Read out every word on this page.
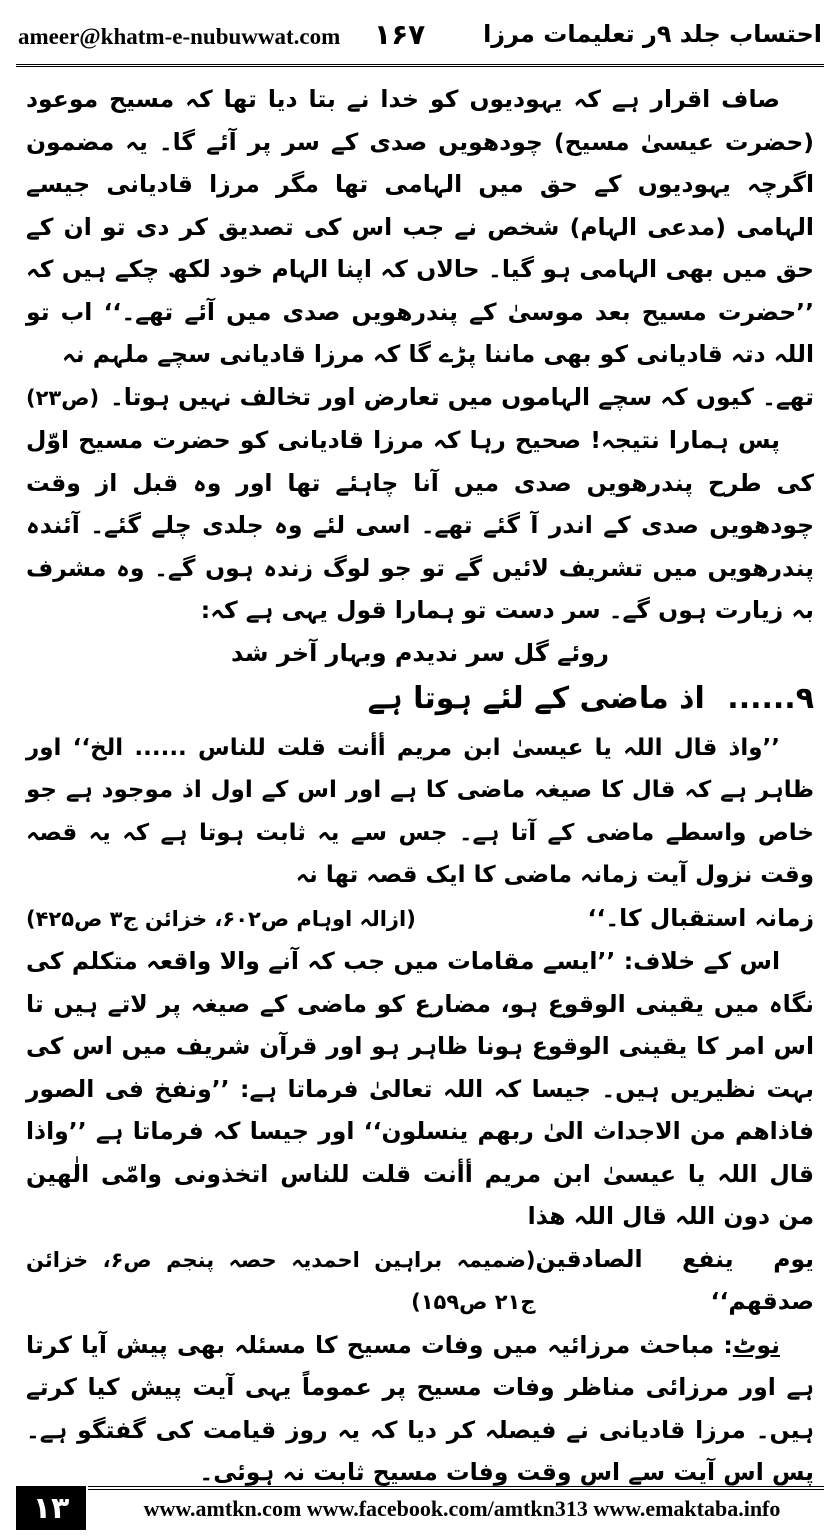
ameer@khatm-e-nubuwwat.com ۱۶۷ احتساب جلد ۹ر تعلیمات مرزا

صاف اقرار ہے کہ یہودیوں کو خدا نے بتا دیا تھا کہ مسیح موعود (حضرت عیسیٰ مسیح) چودھویں صدی کے سر پر آئے گا۔ یہ مضمون اگرچہ یہودیوں کے حق میں الہامی تھا مگر مرزا قادیانی جیسے الہامی (مدعی الہام) شخص نے جب اس کی تصدیق کر دی تو ان کے حق میں بھی الہامی ہو گیا۔ حالاں کہ اپنا الہام خود لکھ چکے ہیں کہ ’’حضرت مسیح بعد موسیٰ کے پندرھویں صدی میں آئے تھے۔‘‘ اب تو اللہ دتہ قادیانی کو بھی ماننا پڑے گا کہ مرزا قادیانی سچے ملہم نہ

تھے۔ کیوں کہ سچے الہاموں میں تعارض اور تخالف نہیں ہوتا۔
(ص۲۳)

پس ہمارا نتیجہ! صحیح رہا کہ مرزا قادیانی کو حضرت مسیح اوّل کی طرح پندرھویں صدی میں آنا چاہئے تھا اور وہ قبل از وقت چودھویں صدی کے اندر آ گئے تھے۔ اسی لئے وہ جلدی چلے گئے۔ آئندہ پندرھویں میں تشریف لائیں گے تو جو لوگ زندہ ہوں گے۔ وہ مشرف بہ زیارت ہوں گے۔ سر دست تو ہمارا قول یہی ہے کہ:

روئے گل سر ندیدم وبہار آخر شد

۹...... اذ ماضی کے لئے ہوتا ہے

’’واذ قال اللہ یا عیسیٰ ابن مریم أأنت قلت للناس ...... الخ‘‘ اور ظاہر ہے کہ قال کا صیغہ ماضی کا ہے اور اس کے اول اذ موجود ہے جو خاص واسطے ماضی کے آتا ہے۔ جس سے یہ ثابت ہوتا ہے کہ یہ قصہ وقت نزول آیت زمانہ ماضی کا ایک قصہ تھا نہ

زمانہ استقبال کا۔‘‘
(ازالہ اوہام ص۶۰۲، خزائن ج۳ ص۴۲۵)

اس کے خلاف: ’’ایسے مقامات میں جب کہ آنے والا واقعہ متکلم کی نگاہ میں یقینی الوقوع ہو، مضارع کو ماضی کے صیغہ پر لاتے ہیں تا اس امر کا یقینی الوقوع ہونا ظاہر ہو اور قرآن شریف میں اس کی بہت نظیریں ہیں۔ جیسا کہ اللہ تعالیٰ فرماتا ہے: ’’ونفخ فی الصور فاذاھم من الاجداث الیٰ ربھم ینسلون‘‘ اور جیسا کہ فرماتا ہے ’’واذا قال اللہ یا عیسیٰ ابن مریم أأنت قلت للناس اتخذونی وامّی الٰھین من دون اللہ قال اللہ ھذا

یوم ینفع الصادقین صدقھم‘‘
(ضمیمہ براہین احمدیہ حصہ پنجم ص۶، خزائن ج۲۱ ص۱۵۹)

نوٹ: مباحث مرزائیہ میں وفات مسیح کا مسئلہ بھی پیش آیا کرتا ہے اور مرزائی مناظر وفات مسیح پر عموماً یہی آیت پیش کیا کرتے ہیں۔ مرزا قادیانی نے فیصلہ کر دیا کہ یہ روز قیامت کی گفتگو ہے۔ پس اس آیت سے اس وقت وفات مسیح ثابت نہ ہوئی۔

۱۳	www.amtkn.com www.facebook.com/amtkn313 www.emaktaba.info
